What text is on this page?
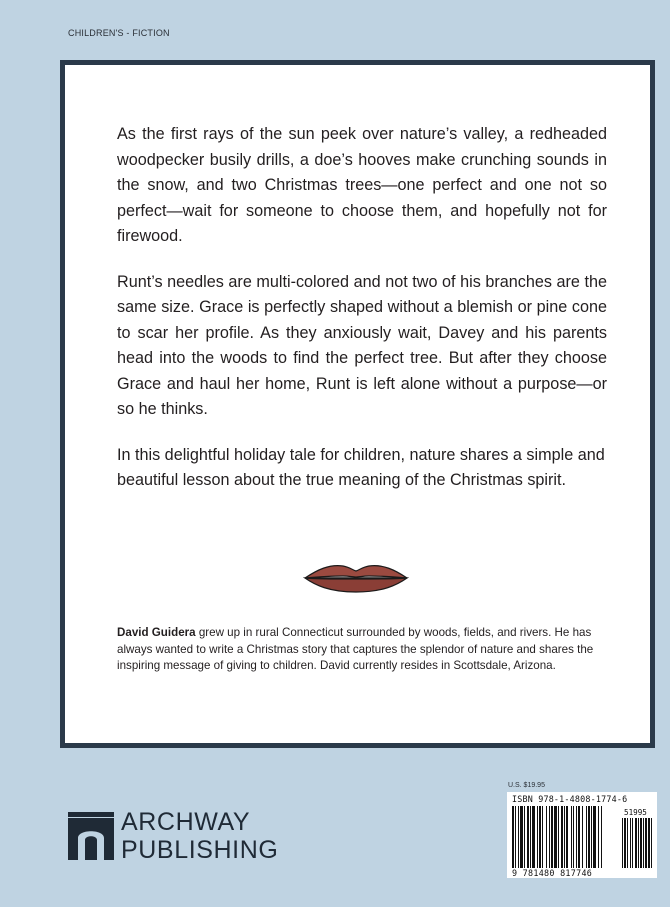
CHILDREN'S - FICTION

As the first rays of the sun peek over nature’s valley, a redheaded woodpecker busily drills, a doe’s hooves make crunching sounds in the snow, and two Christmas trees—one perfect and one not so perfect—wait for someone to choose them, and hopefully not for firewood.

Runt’s needles are multi-colored and not two of his branches are the same size. Grace is perfectly shaped without a blemish or pine cone to scar her profile. As they anxiously wait, Davey and his parents head into the woods to find the perfect tree. But after they choose Grace and haul her home, Runt is left alone without a purpose—or so he thinks.

In this delightful holiday tale for children, nature shares a simple and beautiful lesson about the true meaning of the Christmas spirit.

David Guidera grew up in rural Connecticut surrounded by woods, fields, and rivers. He has always wanted to write a Christmas story that captures the splendor of nature and shares the inspiring message of giving to children. David currently resides in Scottsdale, Arizona.
ARCHWAY
PUBLISHING
U.S. $19.95
ISBN 978-1-4808-1774-6
51995
9 781480 817746
